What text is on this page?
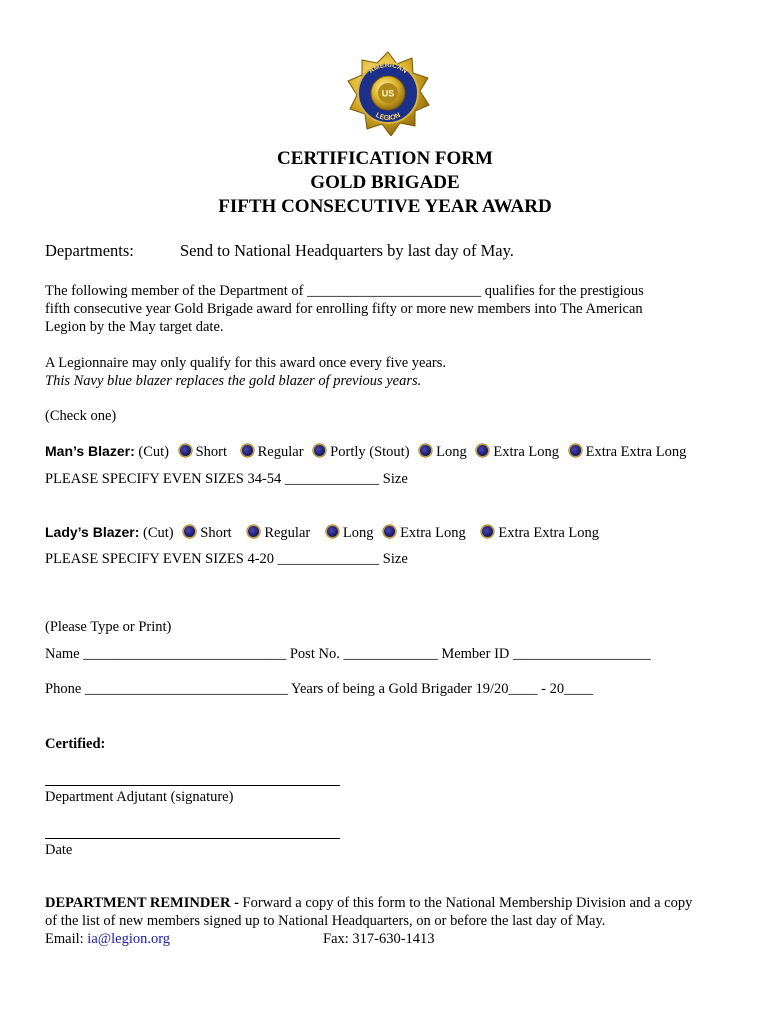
AMERICAN
LEGION
US
CERTIFICATION FORM
GOLD BRIGADE
FIFTH CONSECUTIVE YEAR AWARD
Departments:	Send to National Headquarters by last day of May.
The following member of the Department of ________________________ qualifies for the prestigious
fifth consecutive year Gold Brigade award for enrolling fifty or more new members into The American
Legion by the May target date.
A Legionnaire may only qualify for this award once every five years.
This Navy blue blazer replaces the gold blazer of previous years.
(Check one)
Man’s Blazer: (Cut) Short Regular Portly (Stout) Long Extra Long Extra Extra Long
PLEASE SPECIFY EVEN SIZES 34-54 _____________ Size
Lady’s Blazer: (Cut) Short Regular Long Extra Long Extra Extra Long
PLEASE SPECIFY EVEN SIZES 4-20 ______________ Size
(Please Type or Print)
Name ____________________________ Post No. _____________ Member ID ___________________
Phone ____________________________ Years of being a Gold Brigader 19/20____ - 20____
Certified:
Department Adjutant (signature)
Date
DEPARTMENT REMINDER - Forward a copy of this form to the National Membership Division and a copy
of the list of new members signed up to National Headquarters, on or before the last day of May.
Email: ia@legion.org	Fax: 317-630-1413
